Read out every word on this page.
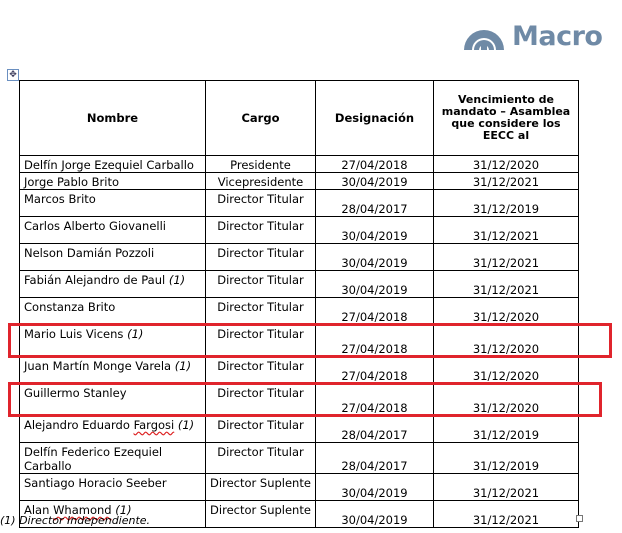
Macro
✥
Nombre	Cargo	Designación	Vencimiento de mandato – Asamblea que considere los EECC al
Delfín Jorge Ezequiel Carballo	Presidente	27/04/2018	31/12/2020
Jorge Pablo Brito	Vicepresidente	30/04/2019	31/12/2021
Marcos Brito	Director Titular	28/04/2017	31/12/2019
Carlos Alberto Giovanelli	Director Titular	30/04/2019	31/12/2021
Nelson Damián Pozzoli	Director Titular	30/04/2019	31/12/2021
Fabián Alejandro de Paul (1)	Director Titular	30/04/2019	31/12/2021
Constanza Brito	Director Titular	27/04/2018	31/12/2020
Mario Luis Vicens (1)	Director Titular	27/04/2018	31/12/2020
Juan Martín Monge Varela (1)	Director Titular	27/04/2018	31/12/2020
Guillermo Stanley	Director Titular	27/04/2018	31/12/2020
Alejandro Eduardo Fargosi (1)	Director Titular	28/04/2017	31/12/2019
Delfín Federico Ezequiel Carballo	Director Titular	28/04/2017	31/12/2019
Santiago Horacio Seeber	Director Suplente	30/04/2019	31/12/2021
Alan Whamond (1)	Director Suplente	30/04/2019	31/12/2021
(1) Director Independiente.
